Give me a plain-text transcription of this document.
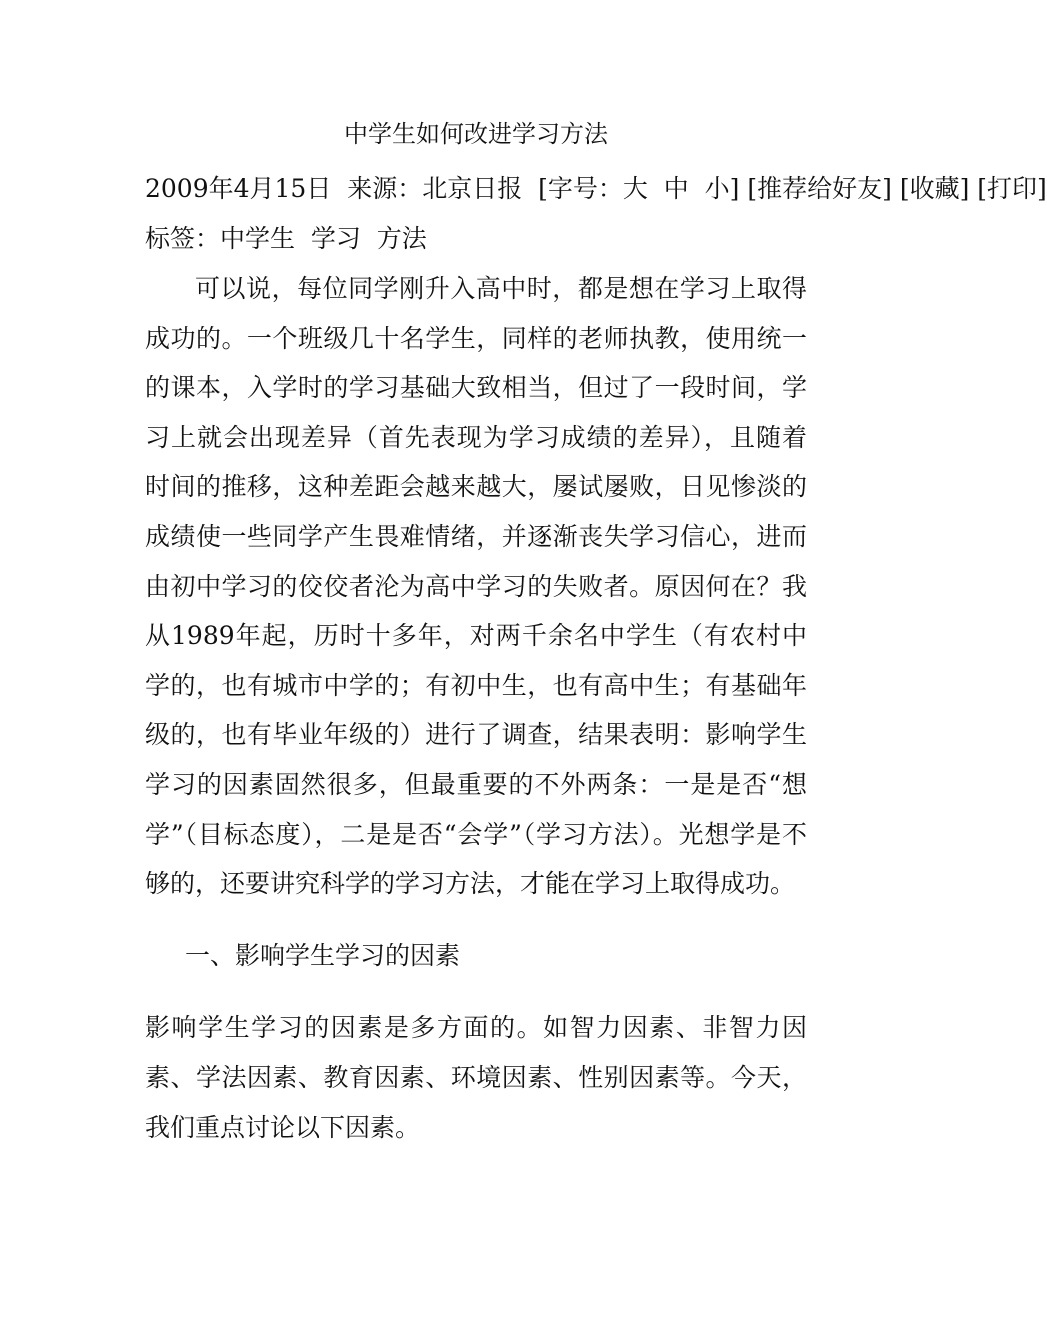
中学生如何改进学习方法

2009年4月15日  来源：北京日报  [字号：大  中  小] [推荐给好友] [收藏] [打印]

标签：中学生  学习  方法

可以说，每位同学刚升入高中时，都是想在学习上取得成功的。一个班级几十名学生，同样的老师执教，使用统一的课本，入学时的学习基础大致相当，但过了一段时间，学习上就会出现差异（首先表现为学习成绩的差异），且随着时间的推移，这种差距会越来越大，屡试屡败，日见惨淡的成绩使一些同学产生畏难情绪，并逐渐丧失学习信心，进而由初中学习的佼佼者沦为高中学习的失败者。原因何在？我从1989年起，历时十多年，对两千余名中学生（有农村中学的，也有城市中学的；有初中生，也有高中生；有基础年级的，也有毕业年级的）进行了调查，结果表明：影响学生学习的因素固然很多，但最重要的不外两条：一是是否“想学”（目标态度），二是是否“会学”（学习方法）。光想学是不够的，还要讲究科学的学习方法，才能在学习上取得成功。

一、影响学生学习的因素

影响学生学习的因素是多方面的。如智力因素、非智力因素、学法因素、教育因素、环境因素、性别因素等。今天，我们重点讨论以下因素。
